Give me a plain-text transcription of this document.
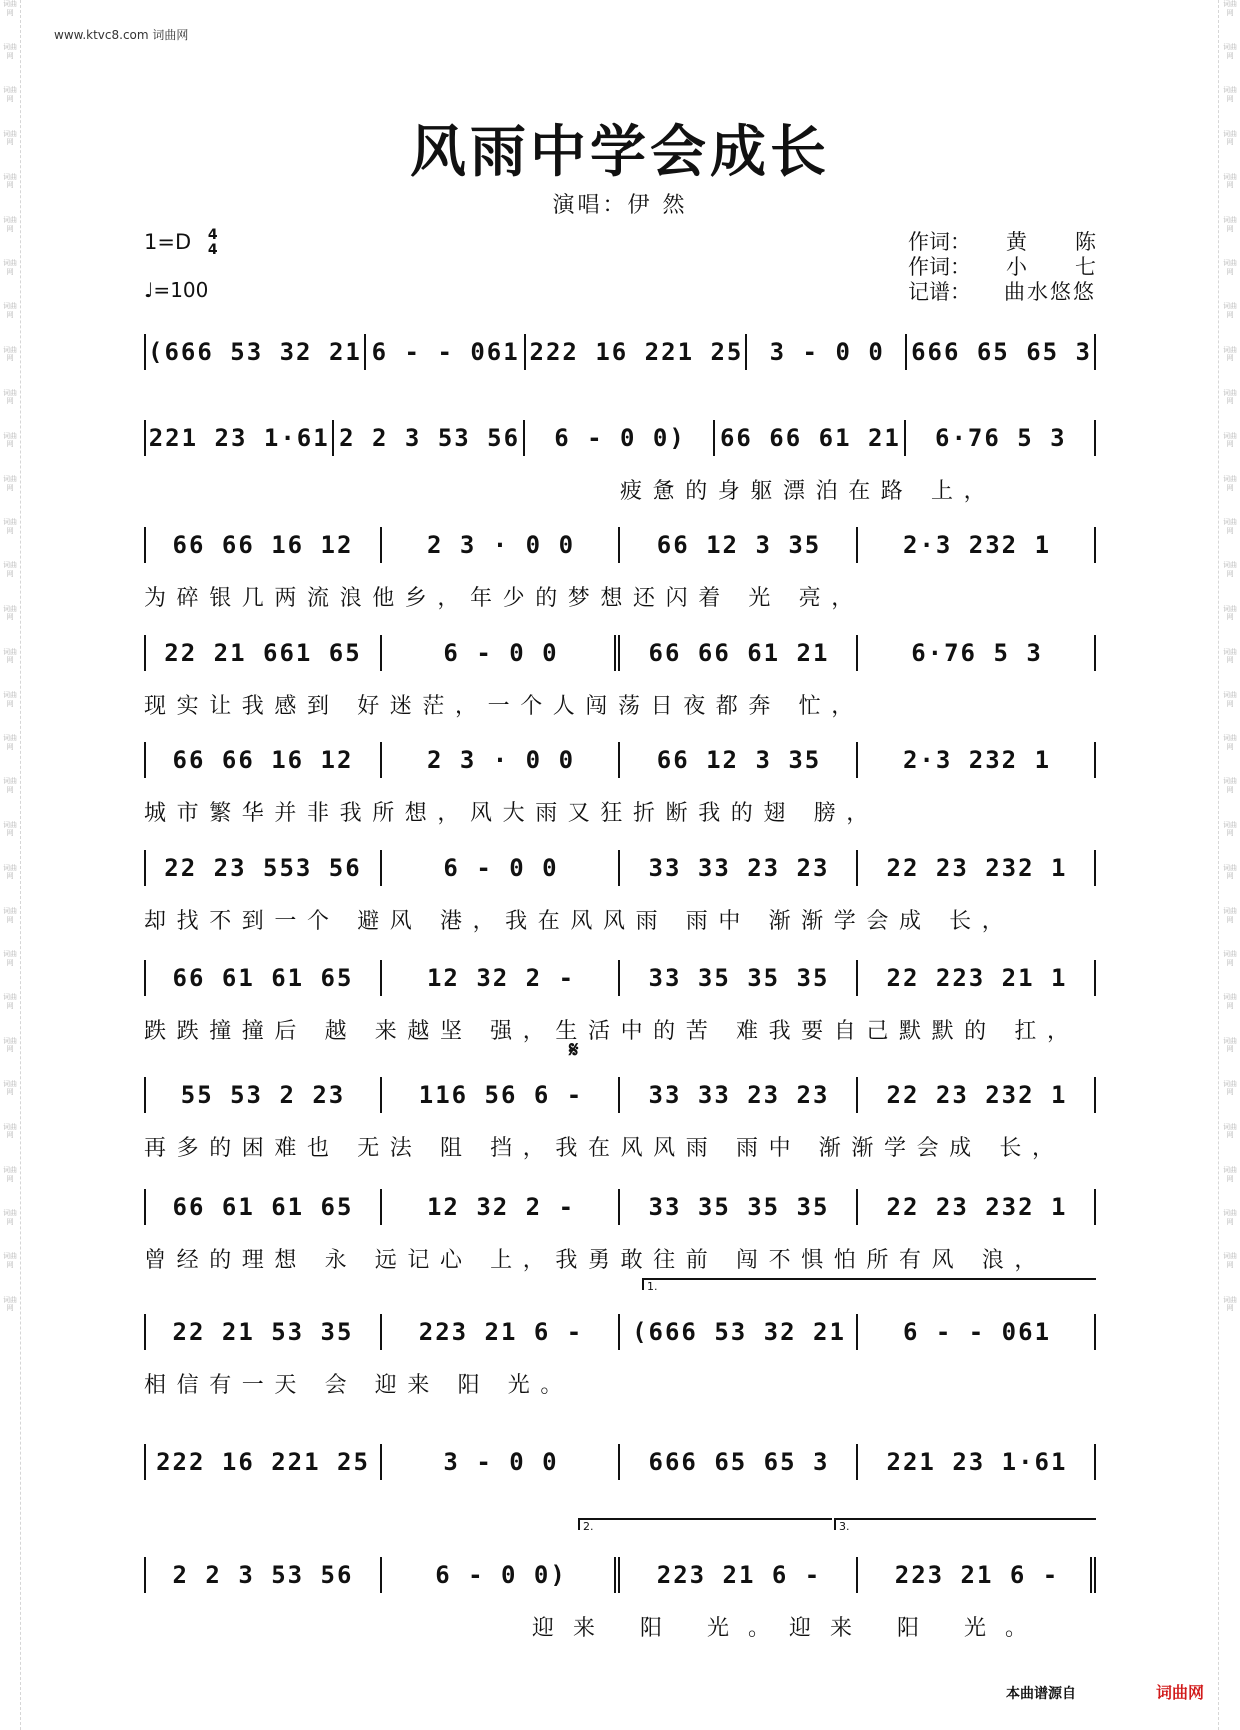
词曲网
词曲网
词曲网
词曲网
词曲网
词曲网
词曲网
词曲网
词曲网
词曲网
词曲网
词曲网
词曲网
词曲网
词曲网
词曲网
词曲网
词曲网
词曲网
词曲网
词曲网
词曲网
词曲网
词曲网
词曲网
词曲网
词曲网
词曲网
词曲网
词曲网
词曲网
词曲网
词曲网
词曲网
词曲网
词曲网
词曲网
词曲网
词曲网
词曲网
词曲网
词曲网
词曲网
词曲网
词曲网
词曲网
词曲网
词曲网
词曲网
词曲网
词曲网
词曲网
词曲网
词曲网
词曲网
词曲网
词曲网
词曲网
词曲网
词曲网
词曲网
词曲网
www.ktvc8.com 词曲网
风雨中学会成长
演唱：伊 然
1=D 4
4
♩=100
作词： 黄陈
作词： 小七
记谱： 曲水悠悠
(666 53 32 21 6 - - 061 222 16 221 25 3 - 0 0 666 65 65 3
221 23 1·61 2 2 3 53 56 6 - 0 0) 66 66 61 21 6·76 5 3
疲惫的身躯漂泊在路 上，
66 66 16 12	2 3 · 0 0	66 12 3 35	2·3 232 1
为碎银几两流浪他乡，年少的梦想还闪着 光 亮，
22 21 661 65	6 - 0 0	66 66 61 21	6·76 5 3
现实让我感到 好迷茫，一个人闯荡日夜都奔 忙，
66 66 16 12	2 3 · 0 0	66 12 3 35	2·3 232 1
城市繁华并非我所想，风大雨又狂折断我的翅 膀，
22 23 553 56	6 - 0 0	33 33 23 23 22 23 232 1
却找不到一个 避风 港，我在风风雨 雨中 渐渐学会成 长，
66 61 61 65	12 32 2 -	33 35 35 35 22 223 21 1
跌跌撞撞后 越 来越坚 强，生活中的苦 难我要自己默默的 扛，
55 53 2 23	116 56 6 -	33 33 23 23 22 23 232 1
再多的困难也 无法 阻 挡，我在风风雨 雨中 渐渐学会成 长，
66 61 61 65	12 32 2 -	33 35 35 35 22 23 232 1
曾经的理想 永 远记心 上，我勇敢往前 闯不惧怕所有风 浪，
22 21 53 35	223 21 6 - (666 53 32 21 6 - - 061
相信有一天 会 迎来 阳 光。
222 16 221 25	3 - 0 0	666 65 65 3 221 23 1·61
2 2 3 53 56	6 - 0 0)	223 21 6 -	223 21 6 -
迎来 阳 光。迎来 阳 光。
𝄋
1.
2.	3.
本曲谱源自	词曲网
